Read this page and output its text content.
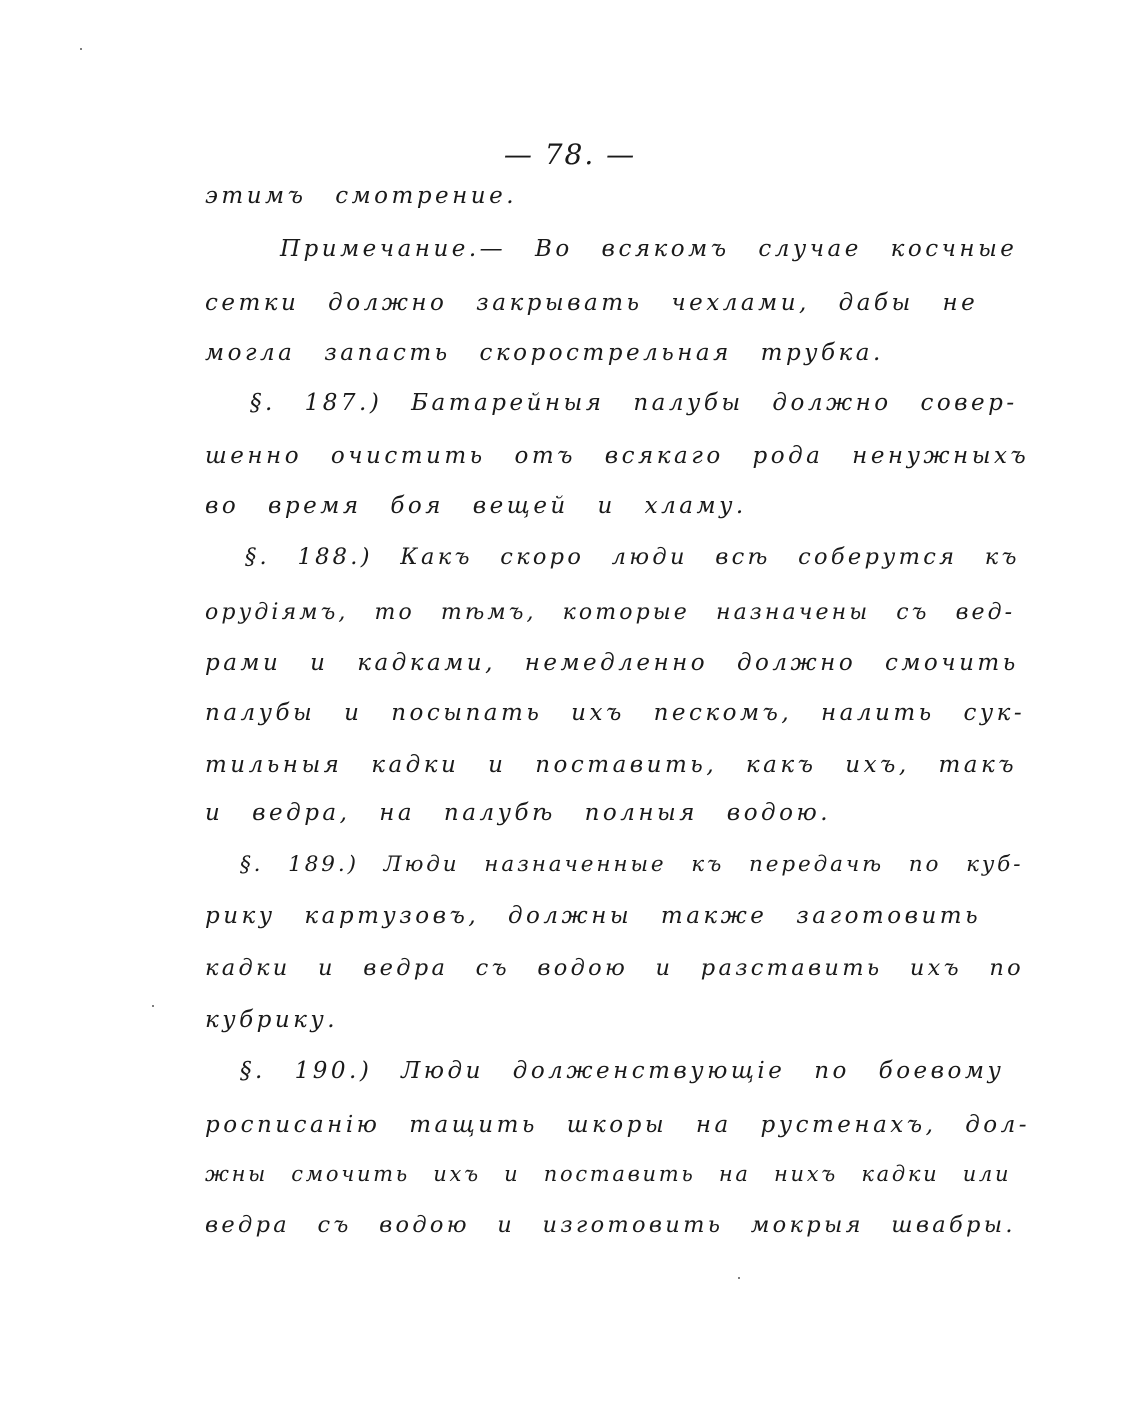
— 78. —
этимъ смотрение.
Примечание.— Во всякомъ случае косчные
сетки должно закрывать чехлами, дабы не
могла запасть скорострельная трубка.
§. 187.) Батарейныя палубы должно совер-
шенно очистить отъ всякаго рода ненужныхъ
во время боя вещей и хламу.
§. 188.) Какъ скоро люди всѣ соберутся къ
орудiямъ, то тѣмъ, которые назначены съ вед-
рами и кадками, немедленно должно смочить
палубы и посыпать ихъ пескомъ, налить сук-
тильныя кадки и поставить, какъ ихъ, такъ
и ведра, на палубѣ полныя водою.
§. 189.) Люди назначенные къ передачѣ по куб-
рику картузовъ, должны также заготовить
кадки и ведра съ водою и разставить ихъ по
кубрику.
§. 190.) Люди долженствующiе по боевому
росписанiю тащить шкоры на рустенахъ, дол-
жны смочить ихъ и поставить на нихъ кадки или
ведра съ водою и изготовить мокрыя швабры.
